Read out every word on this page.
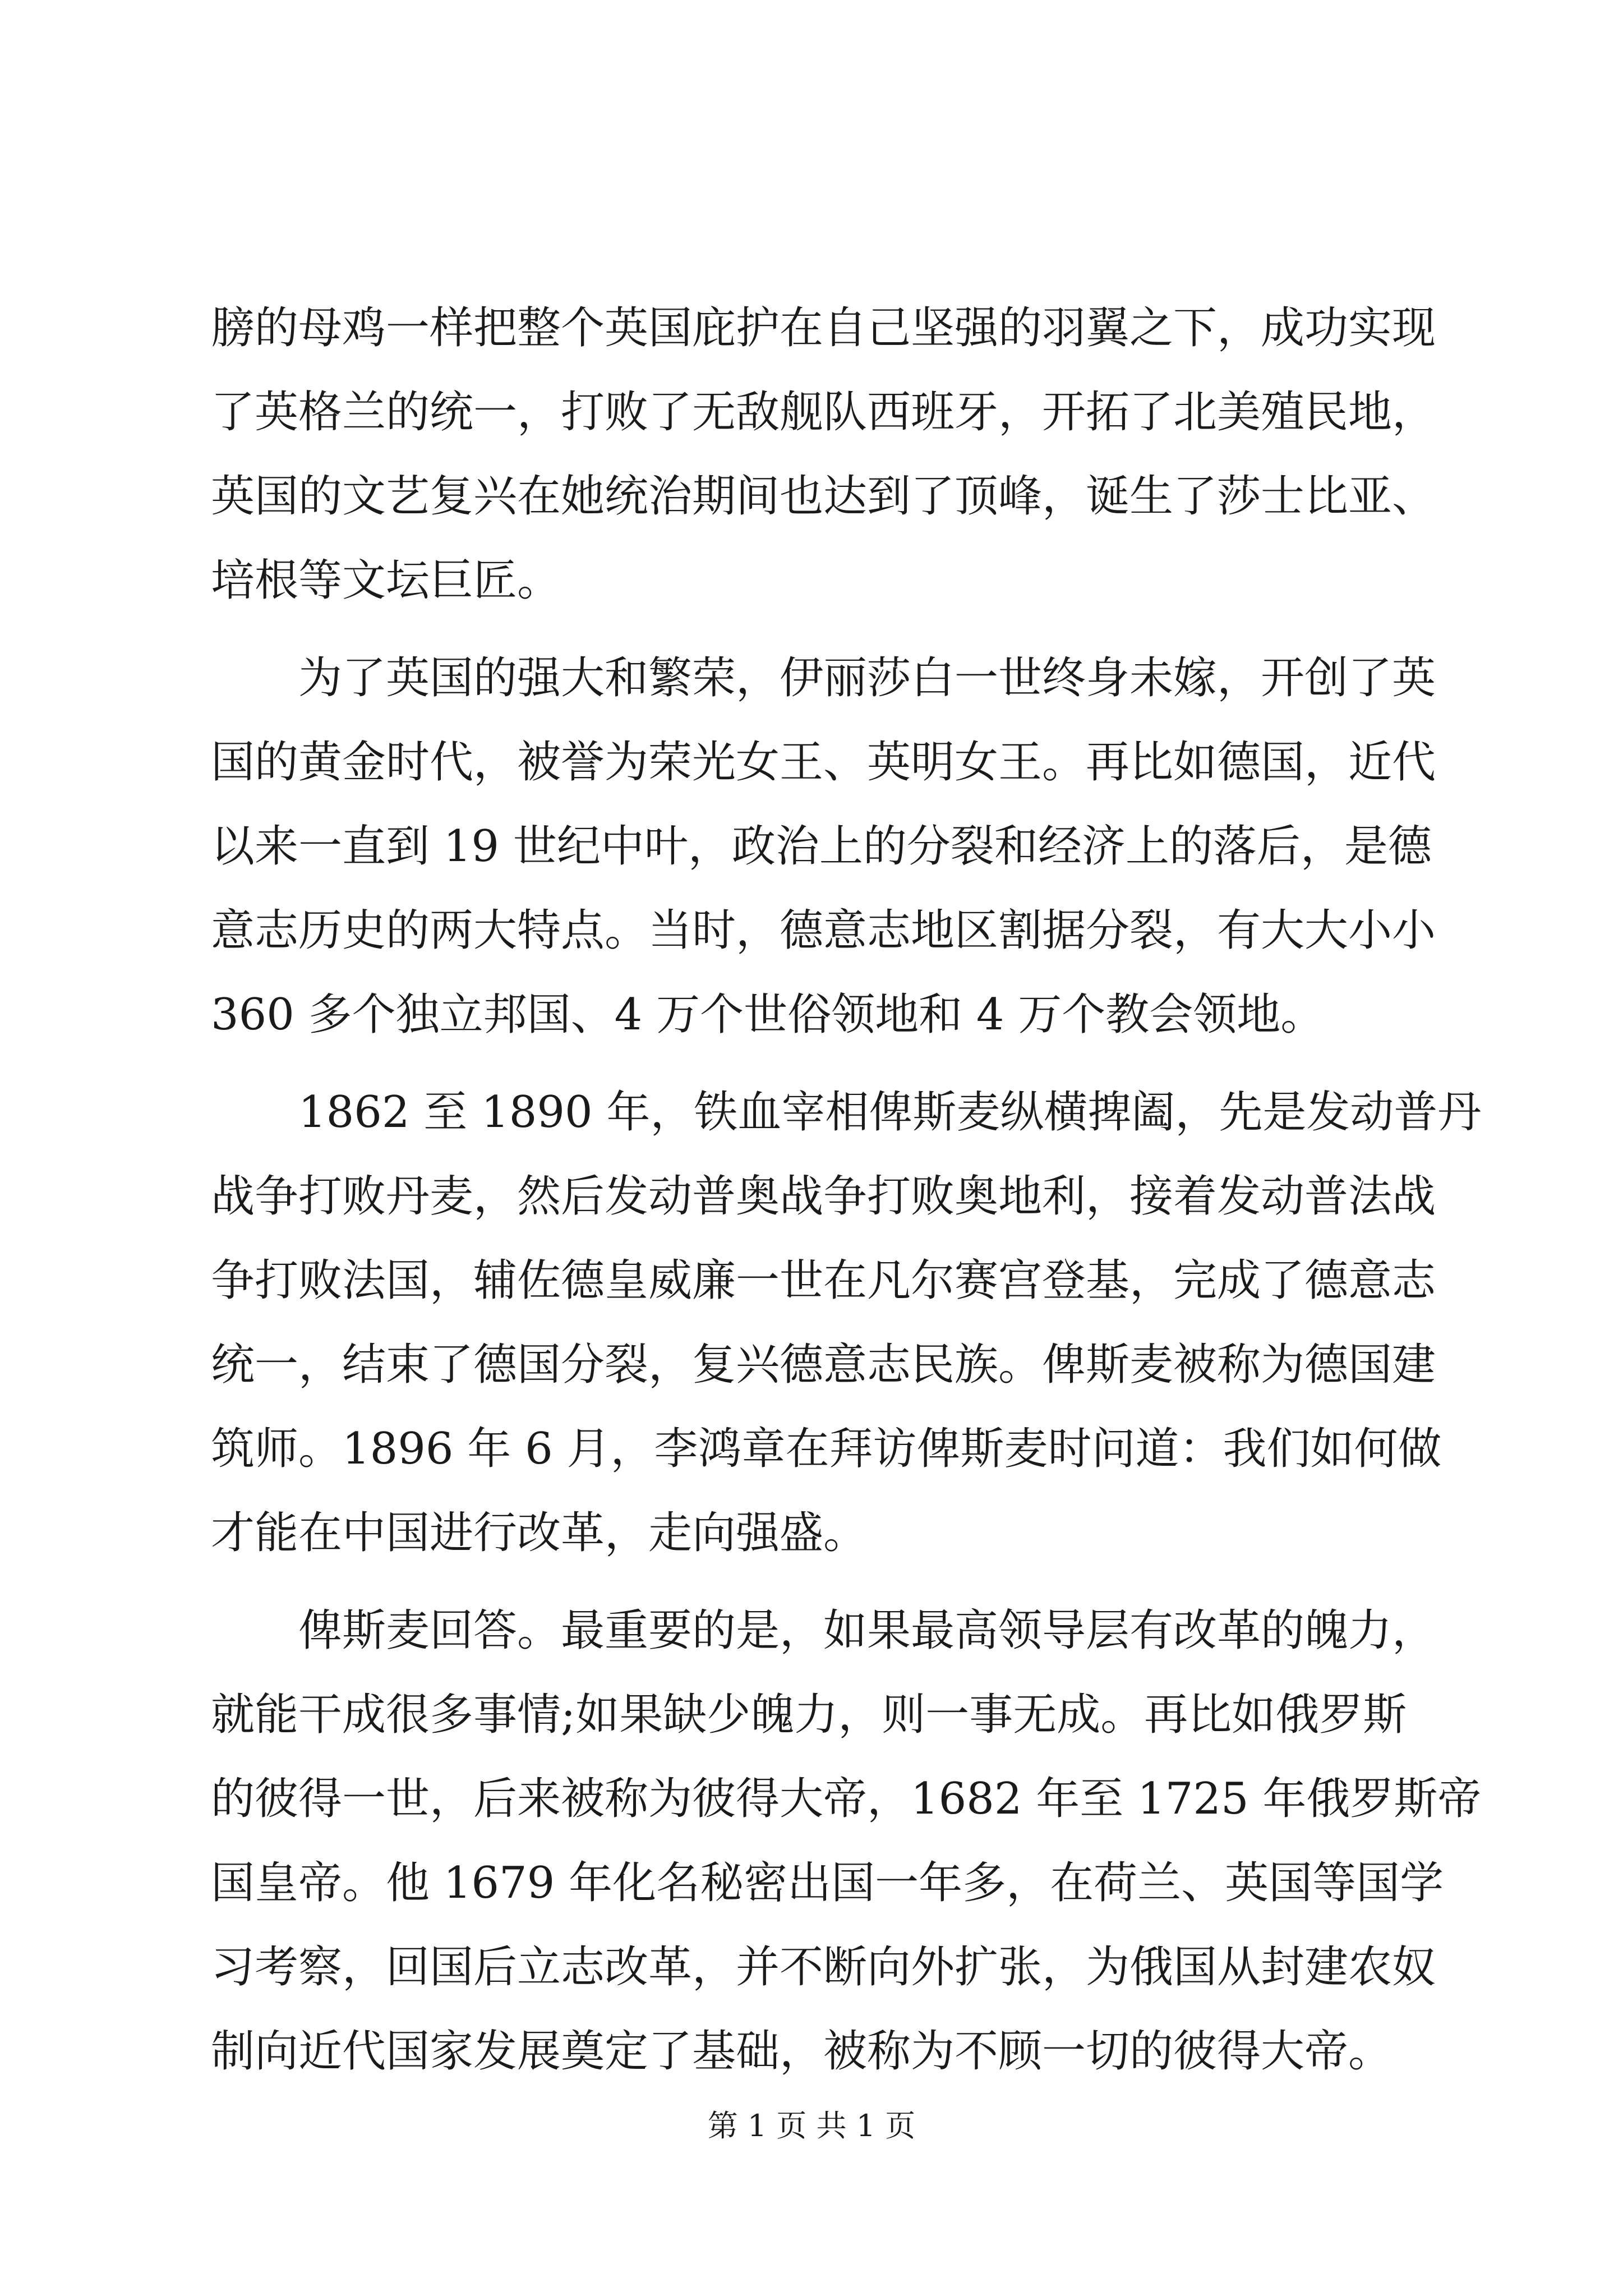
膀的母鸡一样把整个英国庇护在自己坚强的羽翼之下，成功实现

了英格兰的统一，打败了无敌舰队西班牙，开拓了北美殖民地，

英国的文艺复兴在她统治期间也达到了顶峰，诞生了莎士比亚、

培根等文坛巨匠。

为了英国的强大和繁荣，伊丽莎白一世终身未嫁，开创了英

国的黄金时代，被誉为荣光女王、英明女王。再比如德国，近代

以来一直到 19 世纪中叶，政治上的分裂和经济上的落后，是德

意志历史的两大特点。当时，德意志地区割据分裂，有大大小小

360 多个独立邦国、4 万个世俗领地和 4 万个教会领地。

1862 至 1890 年，铁血宰相俾斯麦纵横捭阖，先是发动普丹

战争打败丹麦，然后发动普奥战争打败奥地利，接着发动普法战

争打败法国，辅佐德皇威廉一世在凡尔赛宫登基，完成了德意志

统一，结束了德国分裂，复兴德意志民族。俾斯麦被称为德国建

筑师。1896 年 6 月，李鸿章在拜访俾斯麦时问道：我们如何做

才能在中国进行改革，走向强盛。

俾斯麦回答。最重要的是，如果最高领导层有改革的魄力，

就能干成很多事情;如果缺少魄力，则一事无成。再比如俄罗斯

的彼得一世，后来被称为彼得大帝，1682 年至 1725 年俄罗斯帝

国皇帝。他 1679 年化名秘密出国一年多，在荷兰、英国等国学

习考察，回国后立志改革，并不断向外扩张，为俄国从封建农奴

制向近代国家发展奠定了基础，被称为不顾一切的彼得大帝。

第 1 页 共 1 页
